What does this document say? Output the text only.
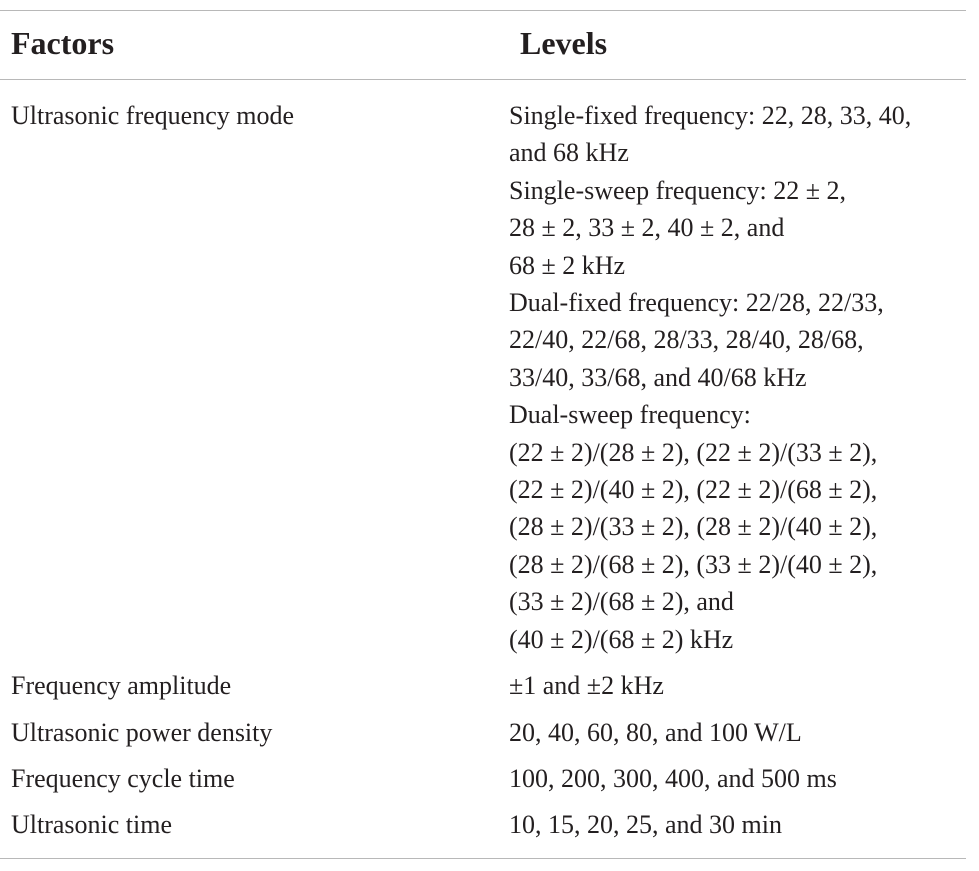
Factors	Levels
Ultrasonic frequency mode	Single-fixed frequency: 22, 28, 33, 40,
and 68 kHz
Single-sweep frequency: 22 ± 2,
28 ± 2, 33 ± 2, 40 ± 2, and
68 ± 2 kHz
Dual-fixed frequency: 22/28, 22/33,
22/40, 22/68, 28/33, 28/40, 28/68,
33/40, 33/68, and 40/68 kHz
Dual-sweep frequency:
(22 ± 2)/(28 ± 2), (22 ± 2)/(33 ± 2),
(22 ± 2)/(40 ± 2), (22 ± 2)/(68 ± 2),
(28 ± 2)/(33 ± 2), (28 ± 2)/(40 ± 2),
(28 ± 2)/(68 ± 2), (33 ± 2)/(40 ± 2),
(33 ± 2)/(68 ± 2), and
(40 ± 2)/(68 ± 2) kHz
Frequency amplitude	±1 and ±2 kHz
Ultrasonic power density	20, 40, 60, 80, and 100 W/L
Frequency cycle time	100, 200, 300, 400, and 500 ms
Ultrasonic time	10, 15, 20, 25, and 30 min
